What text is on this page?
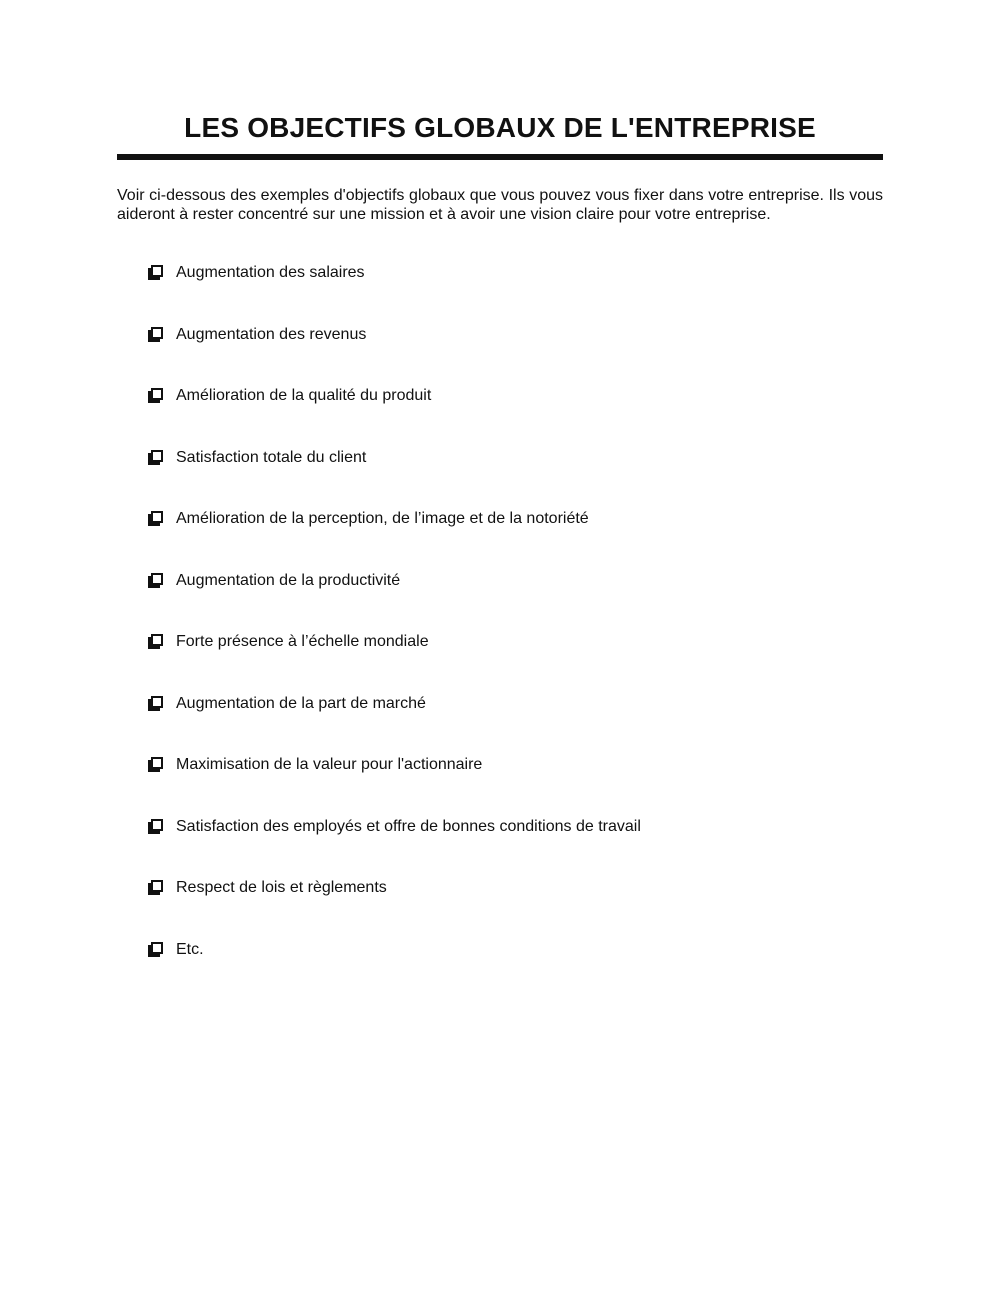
LES OBJECTIFS GLOBAUX DE L'ENTREPRISE

Voir ci-dessous des exemples d'objectifs globaux que vous pouvez vous fixer dans votre entreprise. Ils vous aideront à rester concentré sur une mission et à avoir une vision claire pour votre entreprise.

Augmentation des salaires
Augmentation des revenus
Amélioration de la qualité du produit
Satisfaction totale du client
Amélioration de la perception, de l’image et de la notoriété
Augmentation de la productivité
Forte présence à l’échelle mondiale
Augmentation de la part de marché
Maximisation de la valeur pour l'actionnaire
Satisfaction des employés et offre de bonnes conditions de travail
Respect de lois et règlements
Etc.
